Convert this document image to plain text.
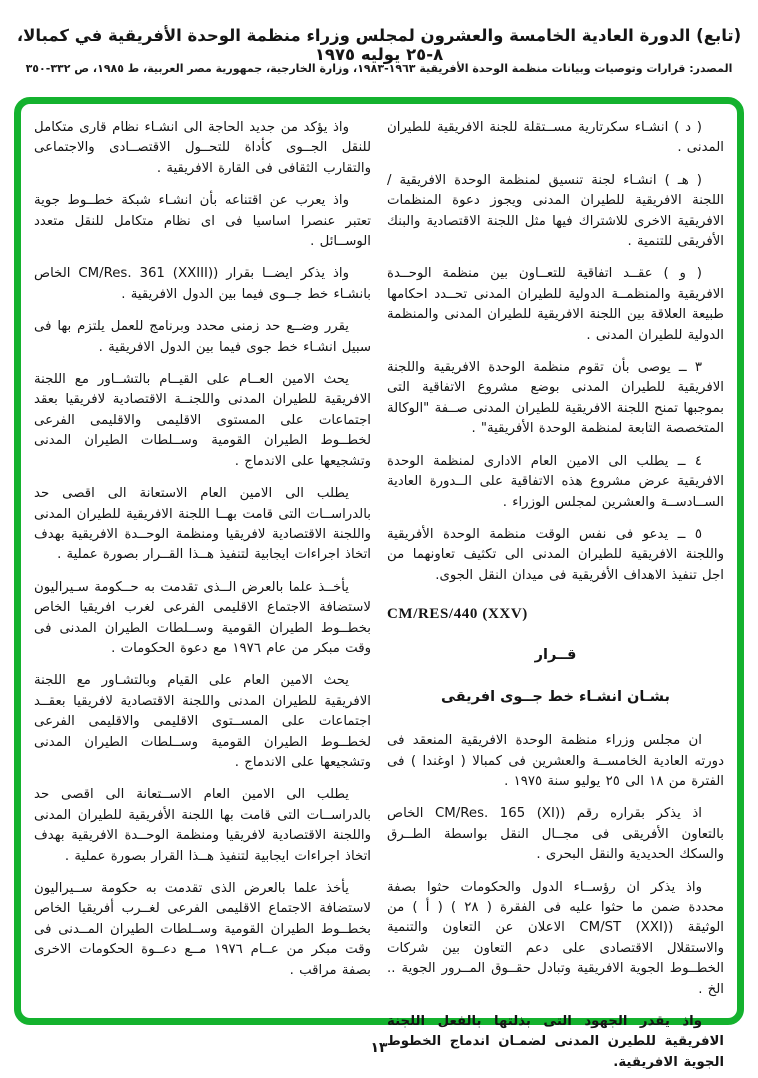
(تابع) الدورة العادية الخامسة والعشرون لمجلس وزراء منظمة الوحدة الأفريقية في كمبالا، ٨-٢٥ يوليه ١٩٧٥
المصدر: قرارات وتوصيات وبيانات منظمة الوحدة الأفريقية ١٩٦٣-١٩٨٣، وزارة الخارجية، جمهورية مصر العربية، ط ١٩٨٥، ص ٣٣٢-٣٥٠

( د ) انشـاء سكرتارية مســتقلة للجنة الافريقية للطيران المدنى .

( هـ ) انشـاء لجنة تنسيق لمنظمة الوحدة الافريقية / اللجنة الافريقية للطيران المدنى ويجوز دعوة المنظمات الافريقية الاخرى للاشتراك فيها مثل اللجنة الاقتصادية والبنك الأفريقى للتنمية .

( و ) عقــد اتفاقية للتعــاون بين منظمة الوحــدة الافريقية والمنظمــة الدولية للطيران المدنى تحــدد احكامها طبيعة العلاقة بين اللجنة الافريقية للطيران المدنى والمنظمة الدولية للطيران المدنى .

٣ ــ يوصى بأن تقوم منظمة الوحدة الافريقية واللجنة الافريقية للطيران المدنى بوضع مشروع الاتفاقية التى بموجبها تمنح اللجنة الافريقية للطيران المدنى صــفة "الوكالة المتخصصة التابعة لمنظمة الوحدة الأفريقية" .

٤ ــ يطلب الى الامين العام الادارى لمنظمة الوحدة الافريقية عرض مشروع هذه الاتفاقية على الــدورة العادية الســادســة والعشرين لمجلس الوزراء .

٥ ــ يدعو فى نفس الوقت منظمة الوحدة الأفريقية واللجنة الافريقية للطيران المدنى الى تكثيف تعاونهما من اجل تنفيذ الاهداف الأفريقية فى ميدان النقل الجوى.

CM/RES/440 (XXV)

قــرار

بشـان انشـاء خط جــوى افريقى

ان مجلس وزراء منظمة الوحدة الافريقية المنعقد فى دورته العادية الخامســة والعشرين فى كمبالا ( اوغندا ) فى الفترة من ١٨ الى ٢٥ يوليو سنة ١٩٧٥ .

اذ يذكر بقراره رقم (CM/Res. 165 (XI) الخاص بالتعاون الأفريقى فى مجــال النقل بواسطة الطــرق والسكك الحديدية والنقل البحرى .

واذ يذكر ان رؤســاء الدول والحكومات حثوا بصفة محددة ضمن ما حثوا عليه فى الفقرة ( ٢٨ ) ( أ ) من الوثيقة (CM/ST (XXI) الاعلان عن التعاون والتنمية والاستقلال الاقتصادى على دعم التعاون بين شركات الخطــوط الجوية الافريقية وتبادل حقــوق المــرور الجوية .. الخ .

واذ يقدر الجهود التى بذلتها بالفعل اللجنة الافريقية للطيرن المدنى لضمـان اندماج الخطوط الجوية الافريقية.

واذ يؤكد من جديد الحاجة الى انشـاء نظام قارى متكامل للنقل الجــوى كأداة للتحــول الاقتصــادى والاجتماعى والتقارب الثقافى فى القارة الافريقية .

واذ يعرب عن اقتناعه بأن انشـاء شبكة خطــوط جوية تعتبر عنصرا اساسيا فى اى نظام متكامل للنقل متعدد الوســائل .

واذ يذكر ايضــا بقرار (CM/Res. 361 (XXIII) الخاص بانشـاء خط جــوى فيما بين الدول الافريقية .

يقرر وضــع حد زمنى محدد وبرنامج للعمل يلتزم بها فى سبيل انشـاء خط جوى فيما بين الدول الافريقية .

يحث الامين العــام على القيــام بالتشــاور مع اللجنة الافريقية للطيران المدنى واللجنــة الاقتصادية لافريقيا بعقد اجتماعات على المستوى الاقليمى والاقليمى الفرعى لخطــوط الطيران القومية وســلطات الطيران المدنى وتشجيعها على الاندماج .

يطلب الى الامين العام الاستعانة الى اقصى حد بالدراســات التى قامت بهــا اللجنة الافريقية للطيران المدنى واللجنة الاقتصادية لافريقيا ومنظمة الوحــدة الافريقية بهدف اتخاذ اجراءات ايجابية لتنفيذ هــذا القــرار بصورة عملية .

يأخــذ علما بالعرض الــذى تقدمت به حــكومة سـيراليون لاستضافة الاجتماع الاقليمى الفرعى لغرب افريقيا الخاص بخطــوط الطيران القومية وســلطات الطيران المدنى فى وقت مبكر من عام ١٩٧٦ مع دعوة الحكومات .

يحث الامين العام على القيام وبالتشـاور مع اللجنة الافريقية للطيران المدنى واللجنة الاقتصادية لافريقيا بعقــد اجتماعات على المســتوى الاقليمى والاقليمى الفرعى لخطــوط الطيران القومية وســلطات الطيران المدنى وتشجيعها على الاندماج .

يطلب الى الامين العام الاســتعانة الى اقصى حد بالدراســات التى قامت بها اللجنة الأفريقية للطيران المدنى واللجنة الاقتصادية لافريقيا ومنظمة الوحــدة الافريقية بهدف اتخاذ اجراءات ايجابية لتنفيذ هــذا القرار بصورة عملية .

يأخذ علما بالعرض الذى تقدمت به حكومة ســيراليون لاستضافة الاجتماع الاقليمى الفرعى لغــرب أفريقيا الخاص بخطــوط الطيران القومية وســلطات الطيران المــدنى فى وقت مبكر من عــام ١٩٧٦ مــع دعــوة الحكومات الاخرى بصفة مراقب .

١٣
